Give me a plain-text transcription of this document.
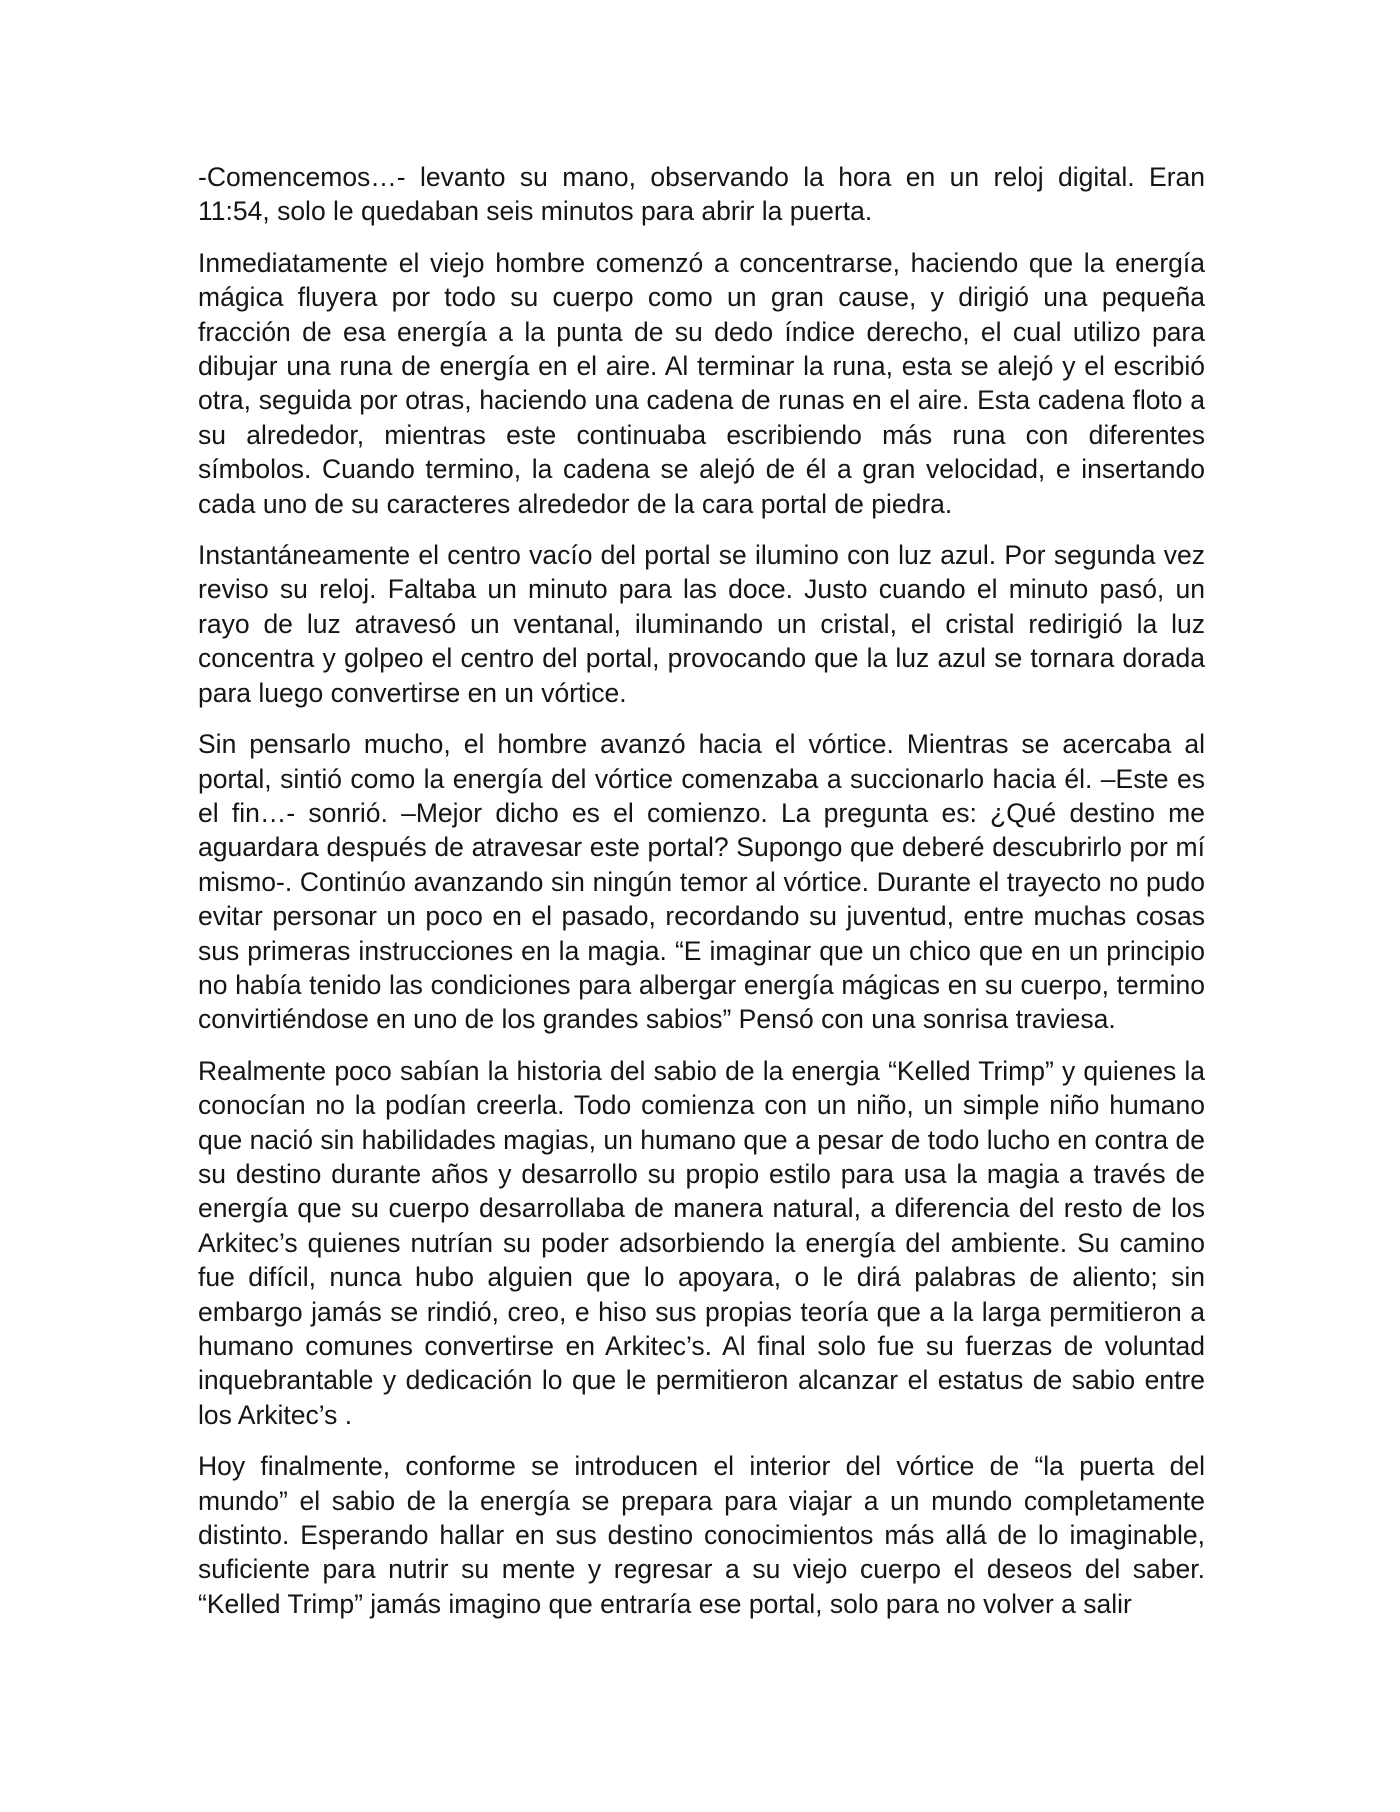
-Comencemos…- levanto su mano, observando la hora en un reloj digital. Eran 11:54, solo le quedaban seis minutos para abrir la puerta.

Inmediatamente el viejo hombre comenzó a concentrarse, haciendo que la energía mágica fluyera por todo su cuerpo como un gran cause, y dirigió una pequeña fracción de esa energía a la punta de su dedo índice derecho, el cual utilizo para dibujar una runa de energía en el aire. Al terminar la runa, esta se alejó y el escribió otra, seguida por otras, haciendo una cadena de runas en el aire. Esta cadena floto a su alrededor, mientras este continuaba escribiendo más runa con diferentes símbolos. Cuando termino, la cadena se alejó de él a gran velocidad, e insertando cada uno de su caracteres alrededor de la cara portal de piedra.

Instantáneamente el centro vacío del portal se ilumino con luz azul. Por segunda vez reviso su reloj. Faltaba un minuto para las doce. Justo cuando el minuto pasó, un rayo de luz atravesó un ventanal, iluminando un cristal, el cristal redirigió la luz concentra y golpeo el centro del portal, provocando que la luz azul se tornara dorada para luego convertirse en un vórtice.

Sin pensarlo mucho, el hombre avanzó hacia el vórtice. Mientras se acercaba al portal, sintió como la energía del vórtice comenzaba a succionarlo hacia él. –Este es el fin…- sonrió. –Mejor dicho es el comienzo. La pregunta es: ¿Qué destino me aguardara después de atravesar este portal? Supongo que deberé descubrirlo por mí mismo-. Continúo avanzando sin ningún temor al vórtice. Durante el trayecto no pudo evitar personar un poco en el pasado, recordando su juventud, entre muchas cosas sus primeras instrucciones en la magia. “E imaginar que un chico que en un principio no había tenido las condiciones para albergar energía mágicas en su cuerpo, termino convirtiéndose en uno de los grandes sabios” Pensó con una sonrisa traviesa.

Realmente poco sabían la historia del sabio de la energia “Kelled Trimp” y quienes la conocían no la podían creerla. Todo comienza con un niño, un simple niño humano que nació sin habilidades magias, un humano que a pesar de todo lucho en contra de su destino durante años y desarrollo su propio estilo para usa la magia a través de energía que su cuerpo desarrollaba de manera natural, a diferencia del resto de los Arkitec’s quienes nutrían su poder adsorbiendo la energía del ambiente. Su camino fue difícil, nunca hubo alguien que lo apoyara, o le dirá palabras de aliento; sin embargo jamás se rindió, creo, e hiso sus propias teoría que a la larga permitieron a humano comunes convertirse en Arkitec’s. Al final solo fue su fuerzas de voluntad inquebrantable y dedicación lo que le permitieron alcanzar el estatus de sabio entre los Arkitec’s .

Hoy finalmente, conforme se introducen el interior del vórtice de “la puerta del mundo” el sabio de la energía se prepara para viajar a un mundo completamente distinto. Esperando hallar en sus destino conocimientos más allá de lo imaginable, suficiente para nutrir su mente y regresar a su viejo cuerpo el deseos del saber. “Kelled Trimp” jamás imagino que entraría ese portal, solo para no volver a salir
